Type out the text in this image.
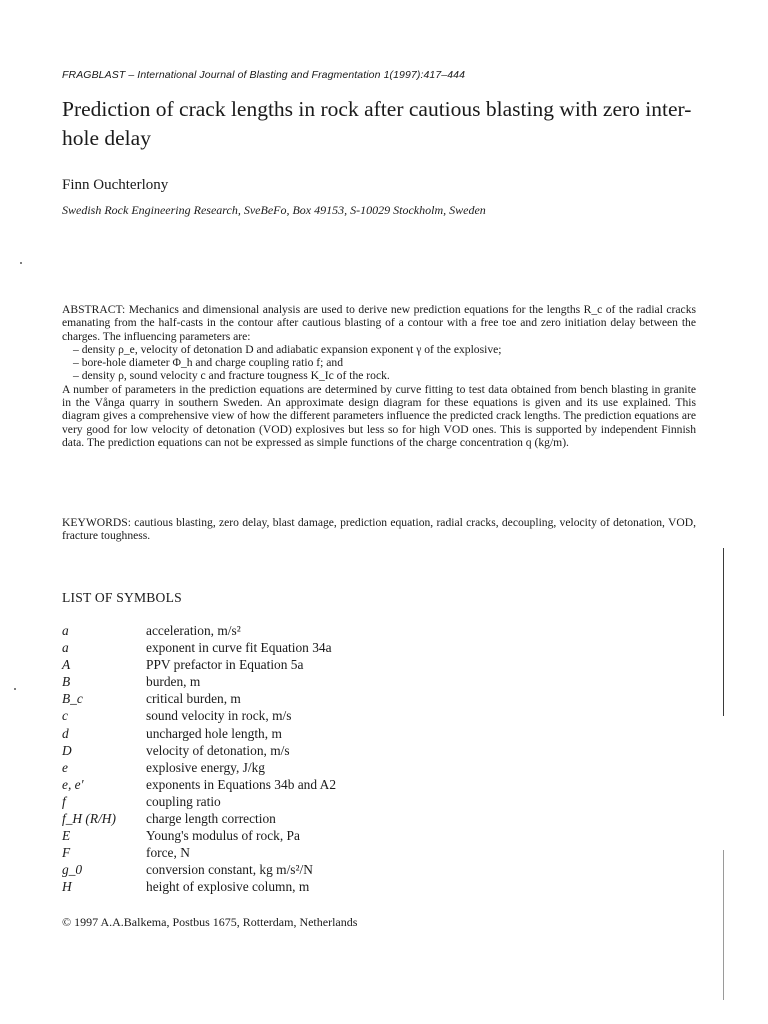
FRAGBLAST – International Journal of Blasting and Fragmentation 1(1997):417–444
Prediction of crack lengths in rock after cautious blasting with zero inter-hole delay
Finn Ouchterlony
Swedish Rock Engineering Research, SveBeFo, Box 49153, S-10029 Stockholm, Sweden

ABSTRACT: Mechanics and dimensional analysis are used to derive new prediction equations for the lengths R_c of the radial cracks emanating from the half-casts in the contour after cautious blasting of a contour with a free toe and zero initiation delay between the charges. The influencing parameters are:

– density ρ_e, velocity of detonation D and adiabatic expansion exponent γ of the explosive;
– bore-hole diameter Φ_h and charge coupling ratio f; and
– density ρ, sound velocity c and fracture tougness K_Ic of the rock.

A number of parameters in the prediction equations are determined by curve fitting to test data obtained from bench blasting in granite in the Vånga quarry in southern Sweden. An approximate design diagram for these equations is given and its use explained. This diagram gives a comprehensive view of how the different parameters influence the predicted crack lengths. The prediction equations are very good for low velocity of detonation (VOD) explosives but less so for high VOD ones. This is supported by independent Finnish data. The prediction equations can not be expressed as simple functions of the charge concentration q (kg/m).

KEYWORDS: cautious blasting, zero delay, blast damage, prediction equation, radial cracks, decoupling, velocity of detonation, VOD, fracture toughness.
LIST OF SYMBOLS
a	acceleration, m/s²
a	exponent in curve fit Equation 34a
A	PPV prefactor in Equation 5a
B	burden, m
B_c	critical burden, m
c	sound velocity in rock, m/s
d	uncharged hole length, m
D	velocity of detonation, m/s
e	explosive energy, J/kg
e, e′	exponents in Equations 34b and A2
f	coupling ratio
f_H (R/H)	charge length correction
E	Young's modulus of rock, Pa
F	force, N
g_0	conversion constant, kg m/s²/N
H	height of explosive column, m
© 1997 A.A.Balkema, Postbus 1675, Rotterdam, Netherlands
